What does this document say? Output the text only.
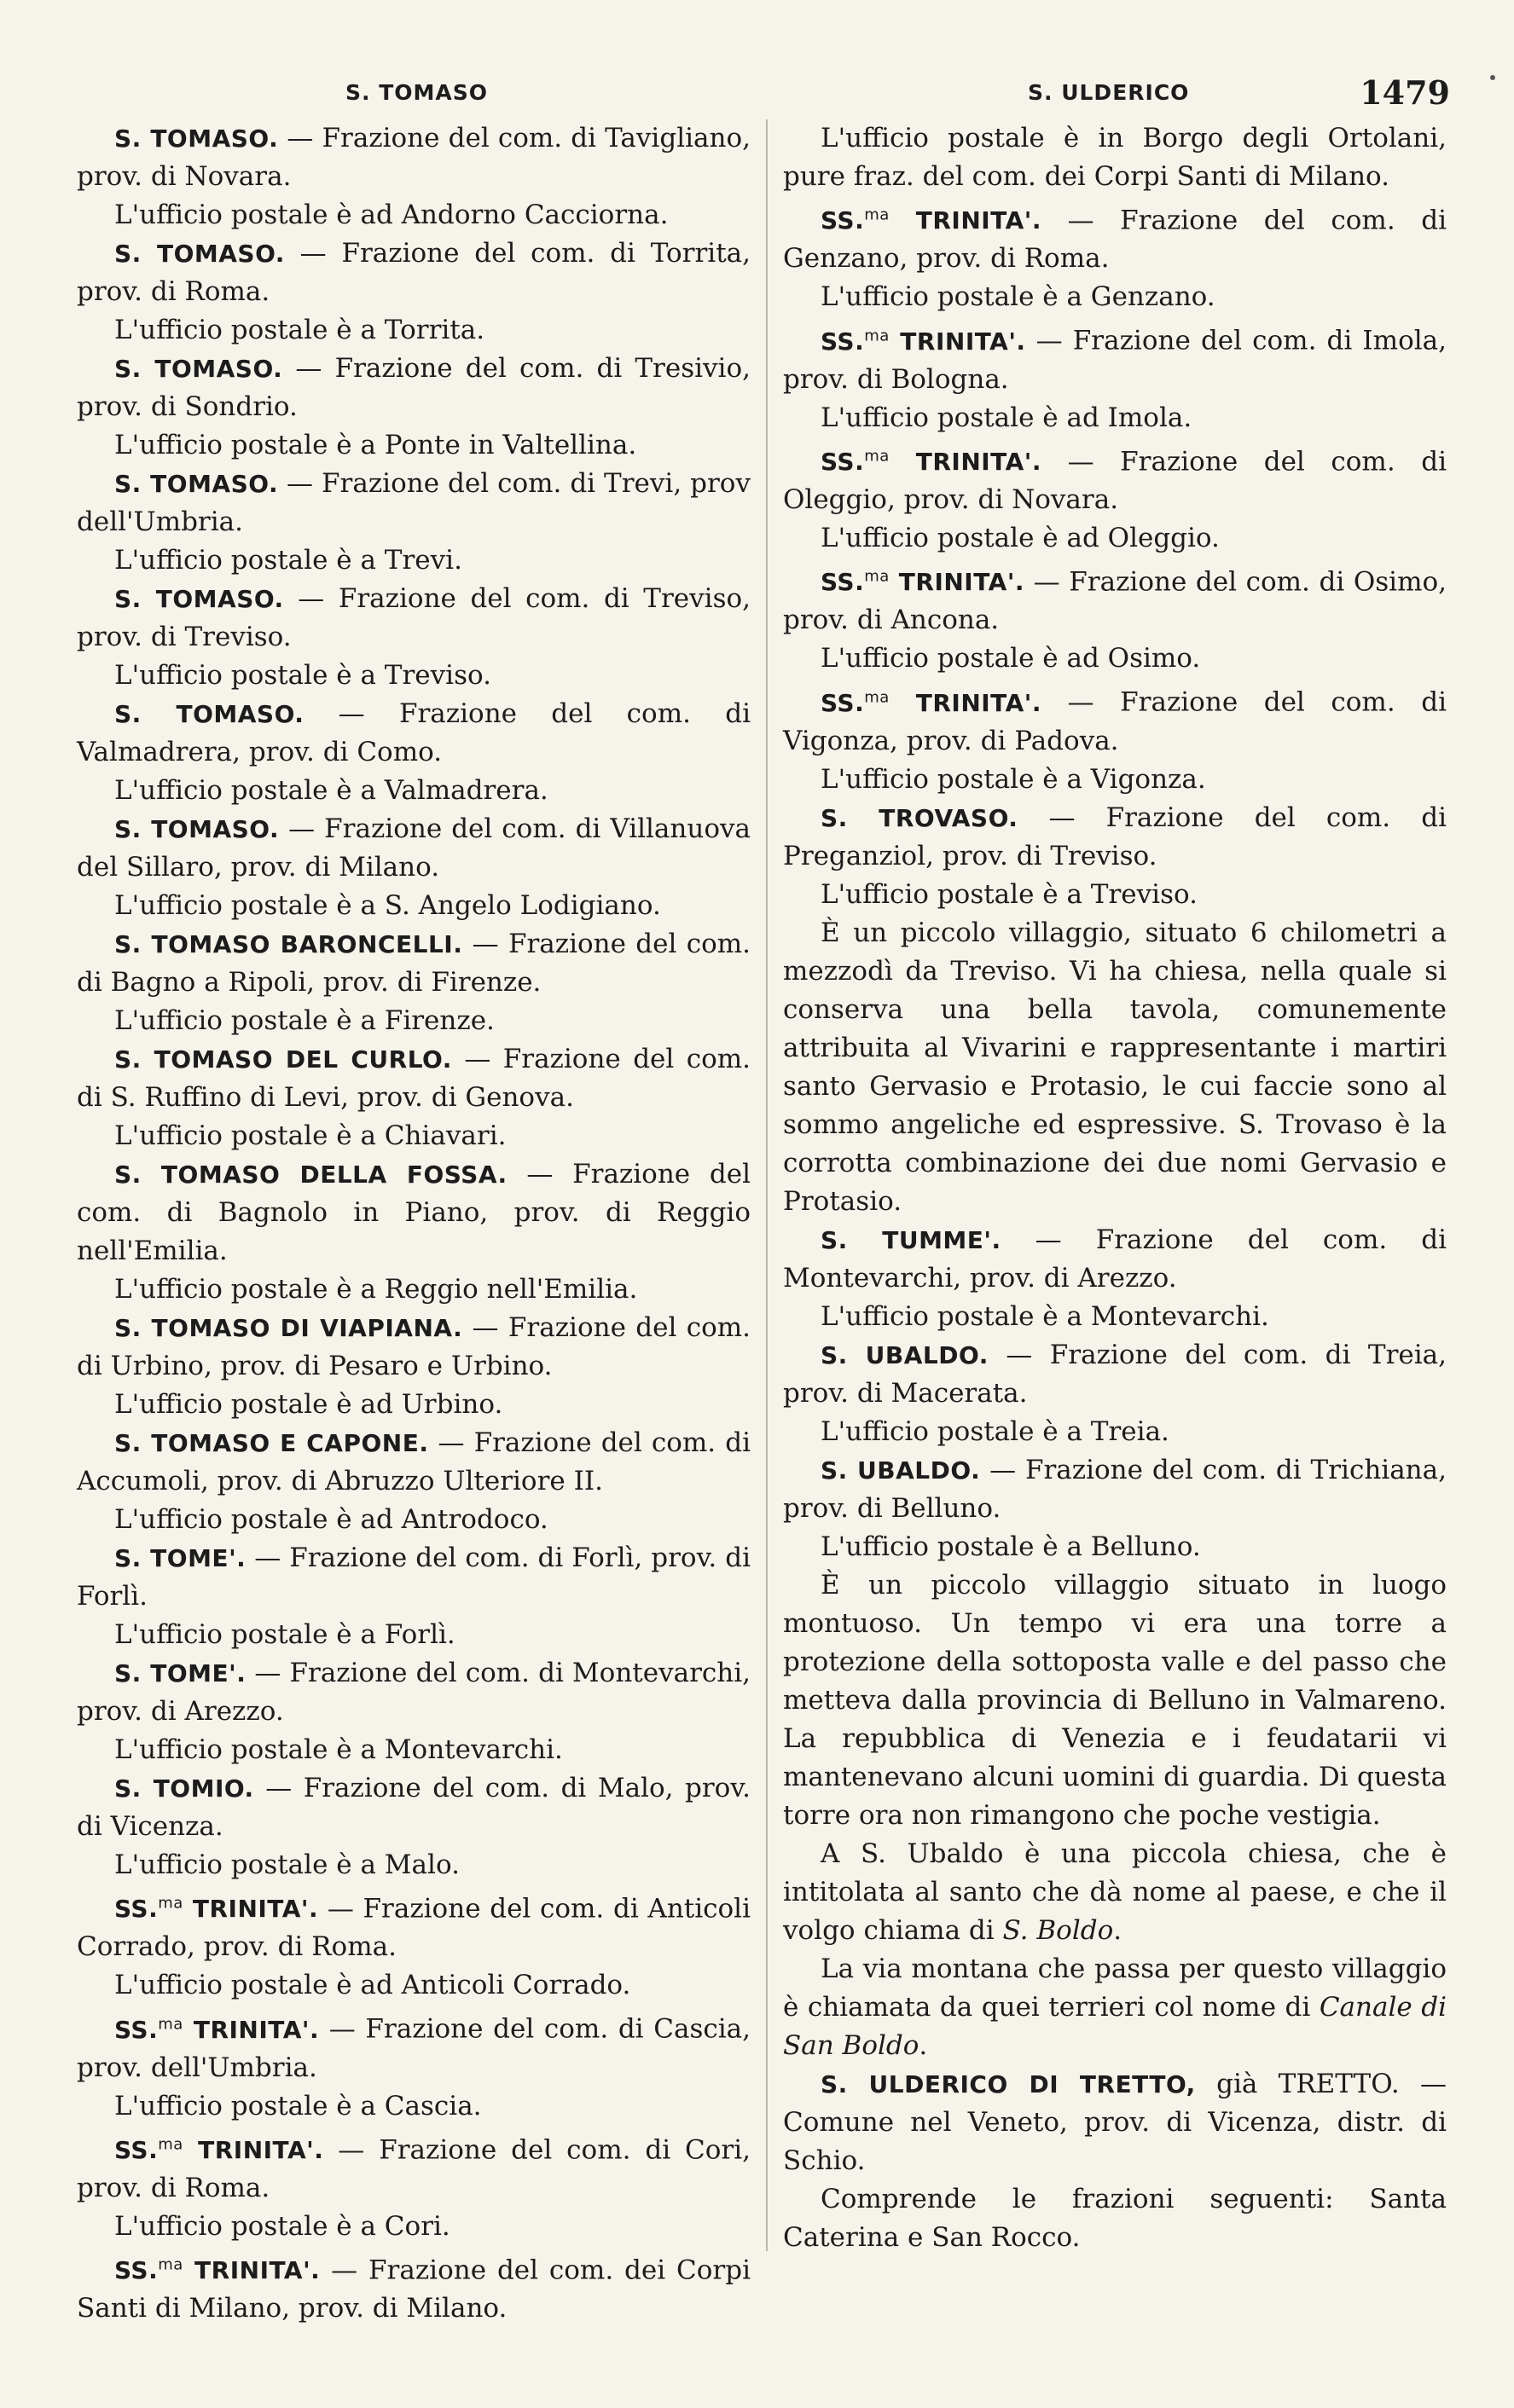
S. TOMASO	S. ULDERICO	1479

S. TOMASO. — Frazione del com. di Tavigliano, prov. di Novara.

L'ufficio postale è ad Andorno Cacciorna.

S. TOMASO. — Frazione del com. di Torrita, prov. di Roma.

L'ufficio postale è a Torrita.

S. TOMASO. — Frazione del com. di Tresivio, prov. di Sondrio.

L'ufficio postale è a Ponte in Valtellina.

S. TOMASO. — Frazione del com. di Trevi, prov dell'Umbria.

L'ufficio postale è a Trevi.

S. TOMASO. — Frazione del com. di Treviso, prov. di Treviso.

L'ufficio postale è a Treviso.

S. TOMASO. — Frazione del com. di Valmadrera, prov. di Como.

L'ufficio postale è a Valmadrera.

S. TOMASO. — Frazione del com. di Villanuova del Sillaro, prov. di Milano.

L'ufficio postale è a S. Angelo Lodigiano.

S. TOMASO BARONCELLI. — Frazione del com. di Bagno a Ripoli, prov. di Firenze.

L'ufficio postale è a Firenze.

S. TOMASO DEL CURLO. — Frazione del com. di S. Ruffino di Levi, prov. di Genova.

L'ufficio postale è a Chiavari.

S. TOMASO DELLA FOSSA. — Frazione del com. di Bagnolo in Piano, prov. di Reggio nell'Emilia.

L'ufficio postale è a Reggio nell'Emilia.

S. TOMASO DI VIAPIANA. — Frazione del com. di Urbino, prov. di Pesaro e Urbino.

L'ufficio postale è ad Urbino.

S. TOMASO E CAPONE. — Frazione del com. di Accumoli, prov. di Abruzzo Ulteriore II.

L'ufficio postale è ad Antrodoco.

S. TOME'. — Frazione del com. di Forlì, prov. di Forlì.

L'ufficio postale è a Forlì.

S. TOME'. — Frazione del com. di Montevarchi, prov. di Arezzo.

L'ufficio postale è a Montevarchi.

S. TOMIO. — Frazione del com. di Malo, prov. di Vicenza.

L'ufficio postale è a Malo.

SS.$^{ma}$ TRINITA'. — Frazione del com. di Anticoli Corrado, prov. di Roma.

L'ufficio postale è ad Anticoli Corrado.

SS.$^{ma}$ TRINITA'. — Frazione del com. di Cascia, prov. dell'Umbria.

L'ufficio postale è a Cascia.

SS.$^{ma}$ TRINITA'. — Frazione del com. di Cori, prov. di Roma.

L'ufficio postale è a Cori.

SS.$^{ma}$ TRINITA'. — Frazione del com. dei Corpi Santi di Milano, prov. di Milano.

L'ufficio postale è in Borgo degli Ortolani, pure fraz. del com. dei Corpi Santi di Milano.

SS.$^{ma}$ TRINITA'. — Frazione del com. di Genzano, prov. di Roma.

L'ufficio postale è a Genzano.

SS.$^{ma}$ TRINITA'. — Frazione del com. di Imola, prov. di Bologna.

L'ufficio postale è ad Imola.

SS.$^{ma}$ TRINITA'. — Frazione del com. di Oleggio, prov. di Novara.

L'ufficio postale è ad Oleggio.

SS.$^{ma}$ TRINITA'. — Frazione del com. di Osimo, prov. di Ancona.

L'ufficio postale è ad Osimo.

SS.$^{ma}$ TRINITA'. — Frazione del com. di Vigonza, prov. di Padova.

L'ufficio postale è a Vigonza.

S. TROVASO. — Frazione del com. di Preganziol, prov. di Treviso.

L'ufficio postale è a Treviso.

È un piccolo villaggio, situato 6 chilometri a mezzodì da Treviso. Vi ha chiesa, nella quale si conserva una bella tavola, comunemente attribuita al Vivarini e rappresentante i martiri santo Gervasio e Protasio, le cui faccie sono al sommo angeliche ed espressive. S. Trovaso è la corrotta combinazione dei due nomi Gervasio e Protasio.

S. TUMME'. — Frazione del com. di Montevarchi, prov. di Arezzo.

L'ufficio postale è a Montevarchi.

S. UBALDO. — Frazione del com. di Treia, prov. di Macerata.

L'ufficio postale è a Treia.

S. UBALDO. — Frazione del com. di Trichiana, prov. di Belluno.

L'ufficio postale è a Belluno.

È un piccolo villaggio situato in luogo montuoso. Un tempo vi era una torre a protezione della sottoposta valle e del passo che metteva dalla provincia di Belluno in Valmareno. La repubblica di Venezia e i feudatarii vi mantenevano alcuni uomini di guardia. Di questa torre ora non rimangono che poche vestigia.

A S. Ubaldo è una piccola chiesa, che è intitolata al santo che dà nome al paese, e che il volgo chiama di S. Boldo.

La via montana che passa per questo villaggio è chiamata da quei terrieri col nome di Canale di San Boldo.

S. ULDERICO DI TRETTO, già TRETTO. — Comune nel Veneto, prov. di Vicenza, distr. di Schio.

Comprende le frazioni seguenti: Santa Caterina e San Rocco.
